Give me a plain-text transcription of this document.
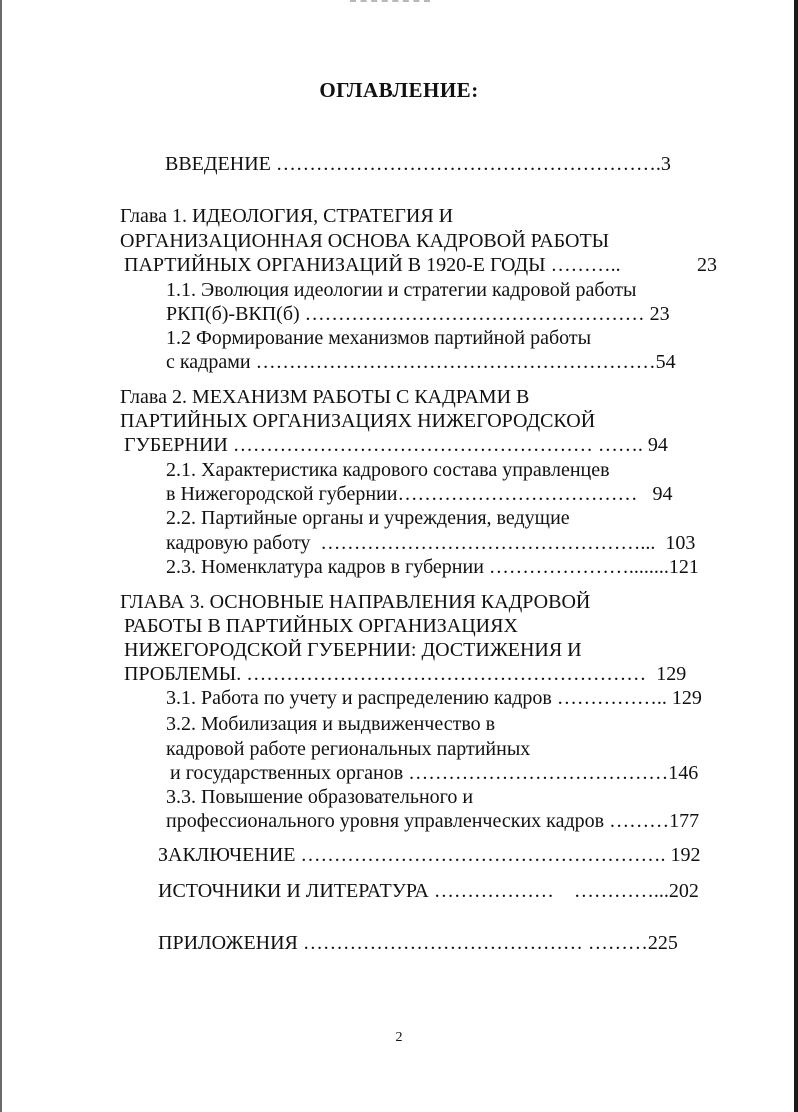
ОГЛАВЛЕНИЕ:
ВВЕДЕНИЕ ………………………………………………….3
Глава 1. ИДЕОЛОГИЯ, СТРАТЕГИЯ И
ОРГАНИЗАЦИОННАЯ ОСНОВА КАДРОВОЙ РАБОТЫ
ПАРТИЙНЫХ ОРГАНИЗАЦИЙ В 1920-Е ГОДЫ ………..	23
1.1. Эволюция идеологии и стратегии кадровой работы
РКП(б)-ВКП(б) …………………………………………… 23
1.2 Формирование механизмов партийной работы
с кадрами ……………………………………………………54
Глава 2. МЕХАНИЗМ РАБОТЫ С КАДРАМИ В
ПАРТИЙНЫХ ОРГАНИЗАЦИЯХ НИЖЕГОРОДСКОЙ
ГУБЕРНИИ ……………………………………………… ……. 94
2.1. Характеристика кадрового состава управленцев
в Нижегородской губернии………………………………   94
2.2. Партийные органы и учреждения, ведущие
кадровую работу  …………………………………………...  103
2.3. Номенклатура кадров в губернии …………………........121
ГЛАВА 3. ОСНОВНЫЕ НАПРАВЛЕНИЯ КАДРОВОЙ
РАБОТЫ В ПАРТИЙНЫХ ОРГАНИЗАЦИЯХ
НИЖЕГОРОДСКОЙ ГУБЕРНИИ: ДОСТИЖЕНИЯ И
ПРОБЛЕМЫ. ……………………………………………………  129
3.1. Работа по учету и распределению кадров …………….. 129
3.2. Мобилизация и выдвиженчество в
кадровой работе региональных партийных
и государственных органов …………………………………146
3.3. Повышение образовательного и
профессионального уровня управленческих кадров ………177
ЗАКЛЮЧЕНИЕ ………………………………………………. 192
ИСТОЧНИКИ И ЛИТЕРАТУРА ………………    …………...202
ПРИЛОЖЕНИЯ …………………………………… ………225
2
